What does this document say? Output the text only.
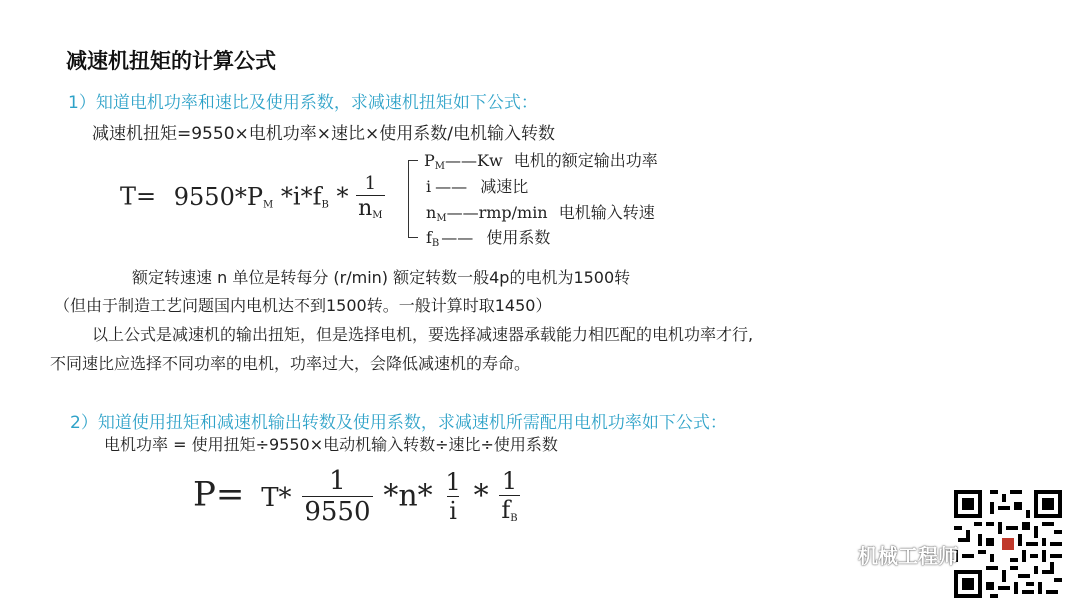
减速机扭矩的计算公式
1）知道电机功率和速比及使用系数，求减速机扭矩如下公式：
减速机扭矩=9550×电机功率×速比×使用系数/电机输入转数
$T= 9550*P_M$ $*i*f_B * \frac{1}{n_M}$
$P_M——Kw$ 电机的额定输出功率
i —— 减速比
$n_M——rmp/\min$ 电机输入转速
$f_B$ —— 使用系数
额定转速速 n 单位是转每分 (r/min) 额定转数一般4p的电机为1500转
（但由于制造工艺问题国内电机达不到1500转。一般计算时取1450）
以上公式是减速机的输出扭矩，但是选择电机，要选择减速器承载能力相匹配的电机功率才行,
不同速比应选择不同功率的电机，功率过大，会降低减速机的寿命。
2）知道使用扭矩和减速机输出转数及使用系数，求减速机所需配用电机功率如下公式：
电机功率 = 使用扭矩÷9550×电动机输入转数÷速比÷使用系数
$P= T* \frac{1}{9550} *n* \frac{1}{i} * \frac{1}{f_B}$
机械工程师
